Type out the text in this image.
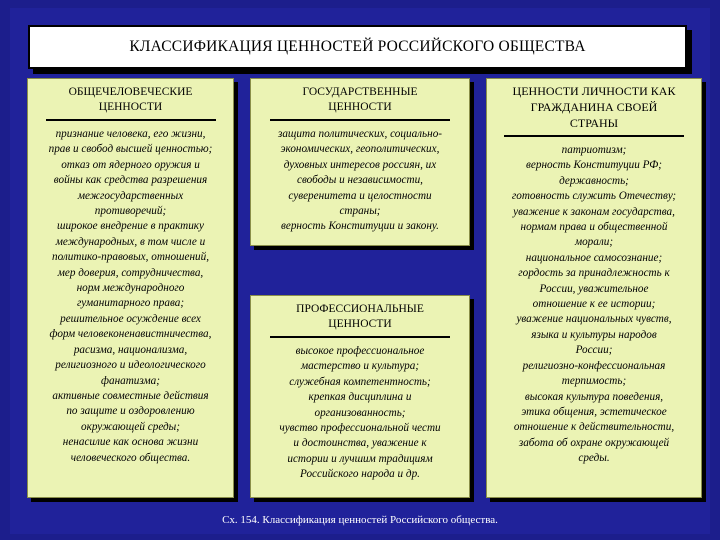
КЛАССИФИКАЦИЯ ЦЕННОСТЕЙ РОССИЙСКОГО ОБЩЕСТВА
ОБЩЕЧЕЛОВЕЧЕСКИЕ
ЦЕННОСТИ
признание человека, его жизни,
прав и свобод высшей ценностью;
отказ от ядерного оружия и
войны как средства разрешения
межгосударственных
противоречий;
широкое внедрение в практику
международных, в том числе и
политико-правовых, отношений,
мер доверия, сотрудничества,
норм международного
гуманитарного права;
решительное осуждение всех
форм человеконенавистничества,
расизма, национализма,
религиозного и идеологического
фанатизма;
активные совместные действия
по защите и оздоровлению
окружающей среды;
ненасилие как основа жизни
человеческого общества.
ГОСУДАРСТВЕННЫЕ
ЦЕННОСТИ
защита политических, социально-
экономических, геополитических,
духовных интересов россиян, их
свободы и независимости,
суверенитета и целостности
страны;
верность Конституции и закону.
ПРОФЕССИОНАЛЬНЫЕ
ЦЕННОСТИ
высокое профессиональное
мастерство и культура;
служебная компетентность;
крепкая дисциплина и
организованность;
чувство профессиональной чести
и достоинства, уважение к
истории и лучшим традициям
Российского народа и др.
ЦЕННОСТИ ЛИЧНОСТИ КАК
ГРАЖДАНИНА СВОЕЙ
СТРАНЫ
патриотизм;
верность Конституции РФ;
державность;
готовность служить Отечеству;
уважение к законам государства,
нормам права и общественной
морали;
национальное самосознание;
гордость за принадлежность к
России, уважительное
отношение к ее истории;
уважение национальных чувств,
языка и культуры народов
России;
религиозно-конфессиональная
терпимость;
высокая культура поведения,
этика общения, эстетическое
отношение к действительности,
забота об охране окружающей
среды.
Сх. 154. Классификация ценностей Российского общества.
